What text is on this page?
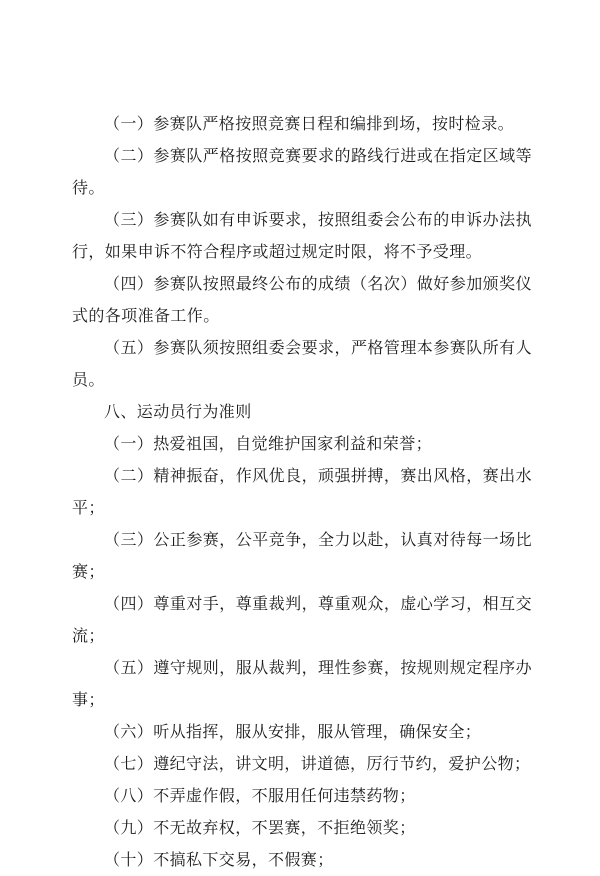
（一）参赛队严格按照竞赛日程和编排到场，按时检录。

（二）参赛队严格按照竞赛要求的路线行进或在指定区域等待。

（三）参赛队如有申诉要求，按照组委会公布的申诉办法执行，如果申诉不符合程序或超过规定时限，将不予受理。

（四）参赛队按照最终公布的成绩（名次）做好参加颁奖仪式的各项准备工作。

（五）参赛队须按照组委会要求，严格管理本参赛队所有人员。

八、运动员行为准则

（一）热爱祖国，自觉维护国家利益和荣誉；

（二）精神振奋，作风优良，顽强拼搏，赛出风格，赛出水平；

（三）公正参赛，公平竞争，全力以赴，认真对待每一场比赛；

（四）尊重对手，尊重裁判，尊重观众，虚心学习，相互交流；

（五）遵守规则，服从裁判，理性参赛，按规则规定程序办事；

（六）听从指挥，服从安排，服从管理，确保安全；

（七）遵纪守法，讲文明，讲道德，厉行节约，爱护公物；

（八）不弄虚作假，不服用任何违禁药物；

（九）不无故弃权，不罢赛，不拒绝领奖；

（十）不搞私下交易，不假赛；
